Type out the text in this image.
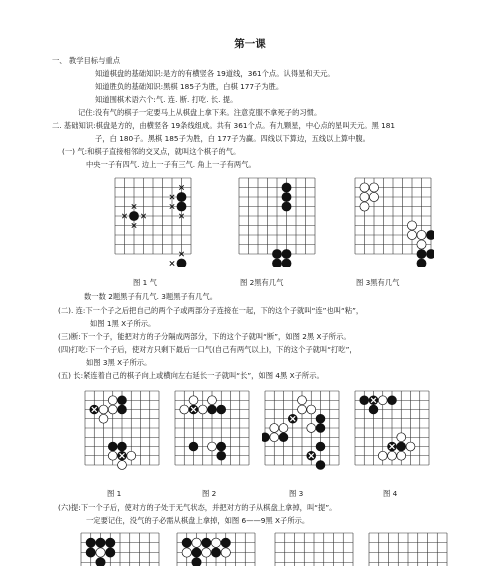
第一课
一、 教学目标与重点
知道棋盘的基础知识:是方的有横竖各 19道线，361个点。认得星和天元。
知道胜负的基础知识:黑棋 185子为胜，白棋 177子为胜。
知道围棋术语六个:气. 连. 断. 打吃. 长. 提。
记住:没有气的棋子一定要马上从棋盘上拿下来。注意克服不拿死子的习惯。
二. 基础知识:棋盘是方的，由横竖各 19条线组成。共有 361个点。有九颗星，中心点的星叫天元。黑 181
子，白 180子。黑棋 185子为胜，白 177子为赢。四线以下算边，五线以上算中腹。
(一) 气:和棋子直接相邻的交叉点，就叫这个棋子的气。
中央一子有四气. 边上一子有三气. 角上一子有两气。
图 1 气	图 2黑有几气	图 3黑有几气
数一数 2题黑子有几气. 3题黑子有几气。
(二). 连:下一个子之后把自己的两个子或两部分子连接在一起，下的这个子就叫“连”也叫“粘”，
如图 1黑 X子所示。
(三)断:下一个子，能把对方的子分隔成两部分，下的这个子就叫“断”，如图 2黑 X子所示。
(四)打吃:下一个子后，使对方只剩下最后一口气(自己有两气以上)，下的这个子就叫“打吃”，
如图 3黑 X子所示。
(五) 长:紧连着自己的棋子向上或横向左右延长一子就叫“长”，如图 4黑 X子所示。
图 1	图 2	图 3	图 4
(六)提:下一个子后，使对方的子处于无气状态，并把对方的子从棋盘上拿掉，叫“提”。
一定要记住，没气的子必需从棋盘上拿掉，如图 6——9黑 X子所示。
